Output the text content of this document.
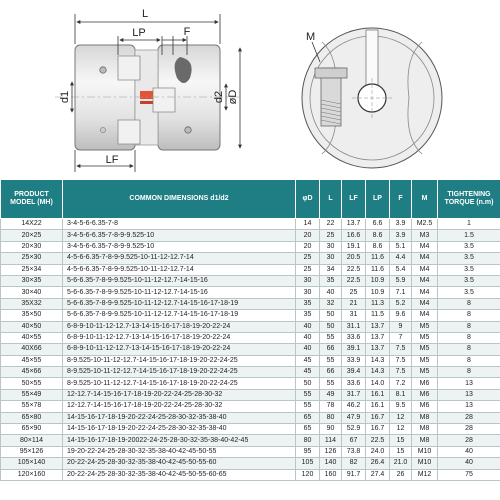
L
LP	F
d1	d2 øD
LF
M
PRODUCT MODEL (MH)	COMMON DIMENSIONS d1/d2	φD	L	LF	LP	F	M	TIGHTENING TORQUE (n.m)
14X22	3-4-5-6-6.35-7-8	14	22	13.7	6.6	3.9	M2.5	1
20×25	3-4-5-6-6.35-7-8-9-9.525-10	20	25	16.6	8.6	3.9	M3	1.5
20×30	3-4-5-6-6.35-7-8-9-9.525-10	20	30	19.1	8.6	5.1	M4	3.5
25×30	4-5-6-6.35-7-8-9-9.525-10-11-12-12.7-14	25	30	20.5	11.6	4.4	M4	3.5
25×34	4-5-6-6.35-7-8-9-9.525-10-11-12-12.7-14	25	34	22.5	11.6	5.4	M4	3.5
30×35	5-6-6.35-7-8-9-9.525-10-11-12-12.7-14-15-16	30	35	22.5	10.9	5.9	M4	3.5
30×40	5-6-6.35-7-8-9-9.525-10-11-12-12.7-14-15-16	30	40	25	10.9	7.1	M4	3.5
35X32	5-6-6.35-7-8-9-9.525-10-11-12-12.7-14-15-16-17-18-19	35	32	21	11.3	5.2	M4	8
35×50	5-6-6.35-7-8-9-9.525-10-11-12-12.7-14-15-16-17-18-19	35	50	31	11.5	9.6	M4	8
40×50	6-8-9-10-11-12-12.7-13-14-15-16-17-18-19-20-22-24	40	50	31.1	13.7	9	M5	8
40×55	6-8-9-10-11-12-12.7-13-14-15-16-17-18-19-20-22-24	40	55	33.6	13.7	7	M5	8
40X66	6-8-9-10-11-12-12.7-13-14-15-16-17-18-19-20-22-24	40	66	39.1	13.7	7.5	M5	8
45×55	8-9.525-10-11-12-12.7-14-15-16-17-18-19-20-22-24-25	45	55	33.9	14.3	7.5	M5	8
45×66	8-9.525-10-11-12-12.7-14-15-16-17-18-19-20-22-24-25	45	66	39.4	14.3	7.5	M5	8
50×55	8-9.525-10-11-12-12.7-14-15-16-17-18-19-20-22-24-25	50	55	33.6	14.0	7.2	M6	13
55×49	12-12.7-14-15-16-17-18-19-20-22-24-25-28-30-32	55	49	31.7	16.1	8.1	M6	13
55×78	12-12.7-14-15-16-17-18-19-20-22-24-25-28-30-32	55	78	46.2	16.1	9.5	M6	13
65×80	14-15-16-17-18-19-20-22-24-25-28-30-32-35-38-40	65	80	47.9	16.7	12	M8	28
65×90	14-15-16-17-18-19-20-22-24-25-28-30-32-35-38-40	65	90	52.9	16.7	12	M8	28
80×114	14-15-16-17-18-19-20022-24-25-28-30-32-35-38-40-42-45	80	114	67	22.5	15	M8	28
95×126	19-20-22-24-25-28-30-32-35-38-40-42-45-50-55	95	126	73.8	24.0	15	M10	40
105×140	20-22-24-25-28-30-32-35-38-40-42-45-50-55-60	105	140	82	26.4	21.0	M10	40
120×160	20-22-24-25-28-30-32-35-38-40-42-45-50-55-60-65	120	160	91.7	27.4	26	M12	75
